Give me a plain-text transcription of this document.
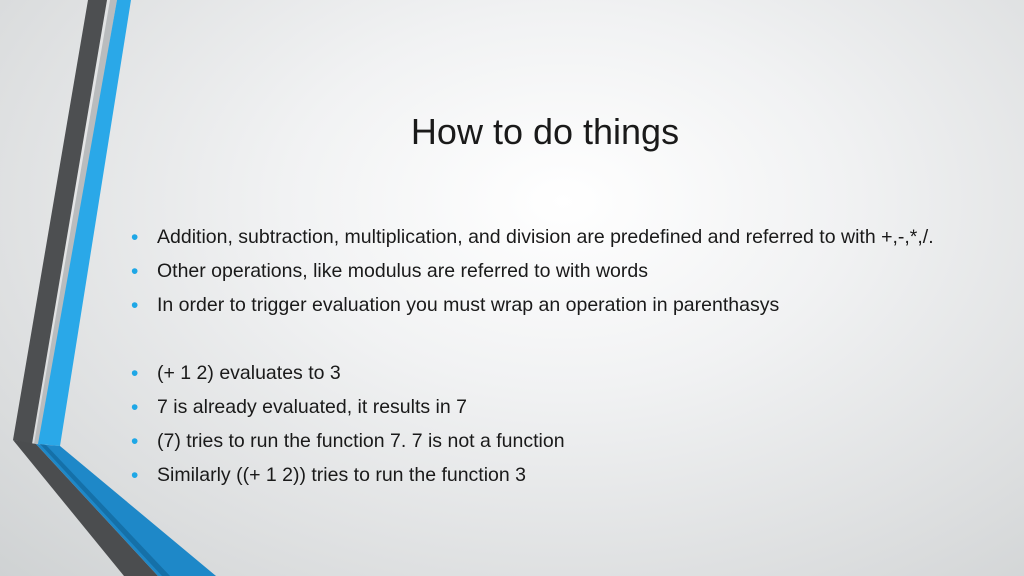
How to do things
• Addition, subtraction, multiplication, and division are predefined and referred to with +,-,*,/.
• Other operations, like modulus are referred to with words
• In order to trigger evaluation you must wrap an operation in parenthasys
• (+ 1 2) evaluates to 3
• 7 is already evaluated, it results in 7
• (7) tries to run the function 7. 7 is not a function
• Similarly ((+ 1 2)) tries to run the function 3
